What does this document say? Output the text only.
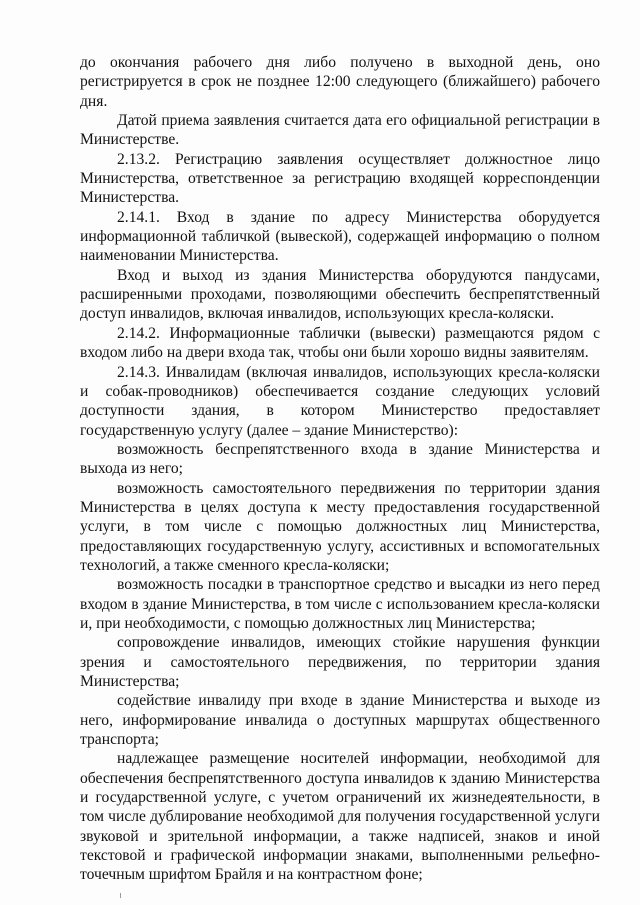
до окончания рабочего дня либо получено в выходной день, оно регистрируется в срок не позднее 12:00 следующего (ближайшего) рабочего дня.

Датой приема заявления считается дата его официальной регистрации в Министерстве.

2.13.2. Регистрацию заявления осуществляет должностное лицо Министерства, ответственное за регистрацию входящей корреспонденции Министерства.

2.14.1. Вход в здание по адресу Министерства оборудуется информационной табличкой (вывеской), содержащей информацию о полном наименовании Министерства.

Вход и выход из здания Министерства оборудуются пандусами, расширенными проходами, позволяющими обеспечить беспрепятственный доступ инвалидов, включая инвалидов, использующих кресла-коляски.

2.14.2. Информационные таблички (вывески) размещаются рядом с входом либо на двери входа так, чтобы они были хорошо видны заявителям.

2.14.3. Инвалидам (включая инвалидов, использующих кресла-коляски и собак-проводников) обеспечивается создание следующих условий доступности здания, в котором Министерство предоставляет государственную услугу (далее – здание Министерство):

возможность беспрепятственного входа в здание Министерства и выхода из него;

возможность самостоятельного передвижения по территории здания Министерства в целях доступа к месту предоставления государственной услуги, в том числе с помощью должностных лиц Министерства, предоставляющих государственную услугу, ассистивных и вспомогательных технологий, а также сменного кресла-коляски;

возможность посадки в транспортное средство и высадки из него перед входом в здание Министерства, в том числе с использованием кресла-коляски и, при необходимости, с помощью должностных лиц Министерства;

сопровождение инвалидов, имеющих стойкие нарушения функции зрения и самостоятельного передвижения, по территории здания Министерства;

содействие инвалиду при входе в здание Министерства и выходе из него, информирование инвалида о доступных маршрутах общественного транспорта;

надлежащее размещение носителей информации, необходимой для обеспечения беспрепятственного доступа инвалидов к зданию Министерства и государственной услуге, с учетом ограничений их жизнедеятельности, в том числе дублирование необходимой для получения государственной услуги звуковой и зрительной информации, а также надписей, знаков и иной текстовой и графической информации знаками, выполненными рельефно-точечным шрифтом Брайля и на контрастном фоне;
